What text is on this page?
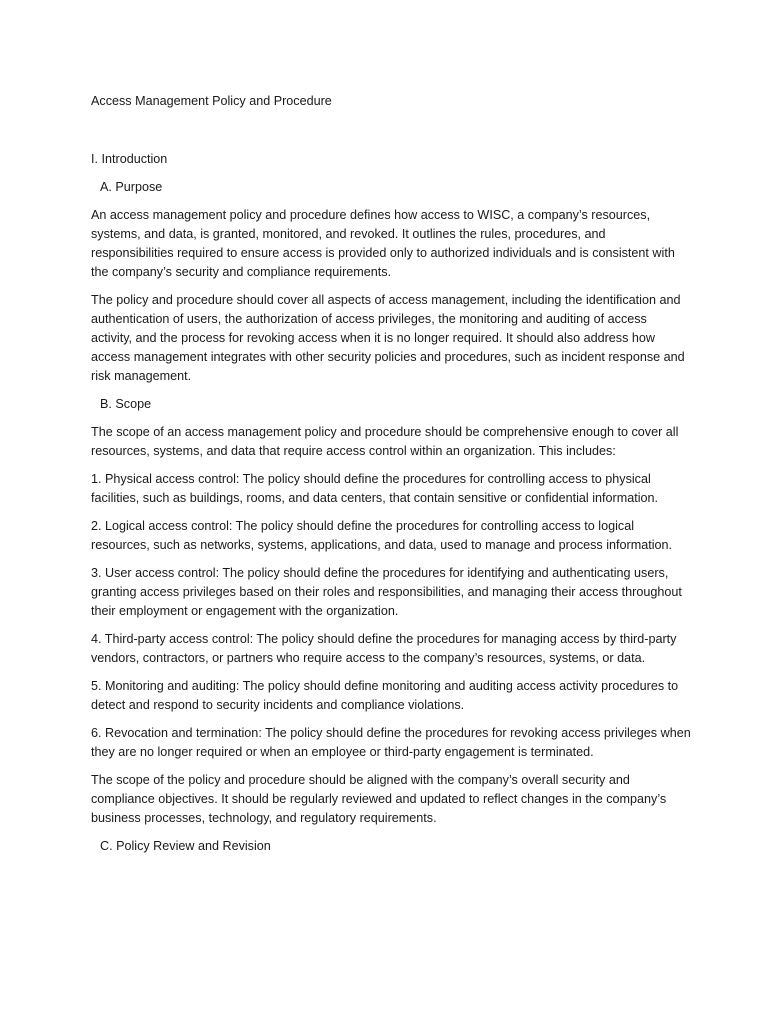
Access Management Policy and Procedure

I. Introduction

A. Purpose

An access management policy and procedure defines how access to WISC, a company’s resources, systems, and data, is granted, monitored, and revoked. It outlines the rules, procedures, and responsibilities required to ensure access is provided only to authorized individuals and is consistent with the company’s security and compliance requirements.

The policy and procedure should cover all aspects of access management, including the identification and authentication of users, the authorization of access privileges, the monitoring and auditing of access activity, and the process for revoking access when it is no longer required. It should also address how access management integrates with other security policies and procedures, such as incident response and risk management.

B. Scope

The scope of an access management policy and procedure should be comprehensive enough to cover all resources, systems, and data that require access control within an organization. This includes:

1. Physical access control: The policy should define the procedures for controlling access to physical facilities, such as buildings, rooms, and data centers, that contain sensitive or confidential information.

2. Logical access control: The policy should define the procedures for controlling access to logical resources, such as networks, systems, applications, and data, used to manage and process information.

3. User access control: The policy should define the procedures for identifying and authenticating users, granting access privileges based on their roles and responsibilities, and managing their access throughout their employment or engagement with the organization.

4. Third-party access control: The policy should define the procedures for managing access by third-party vendors, contractors, or partners who require access to the company’s resources, systems, or data.

5. Monitoring and auditing: The policy should define monitoring and auditing access activity procedures to detect and respond to security incidents and compliance violations.

6. Revocation and termination: The policy should define the procedures for revoking access privileges when they are no longer required or when an employee or third-party engagement is terminated.

The scope of the policy and procedure should be aligned with the company’s overall security and compliance objectives. It should be regularly reviewed and updated to reflect changes in the company’s business processes, technology, and regulatory requirements.

C. Policy Review and Revision
